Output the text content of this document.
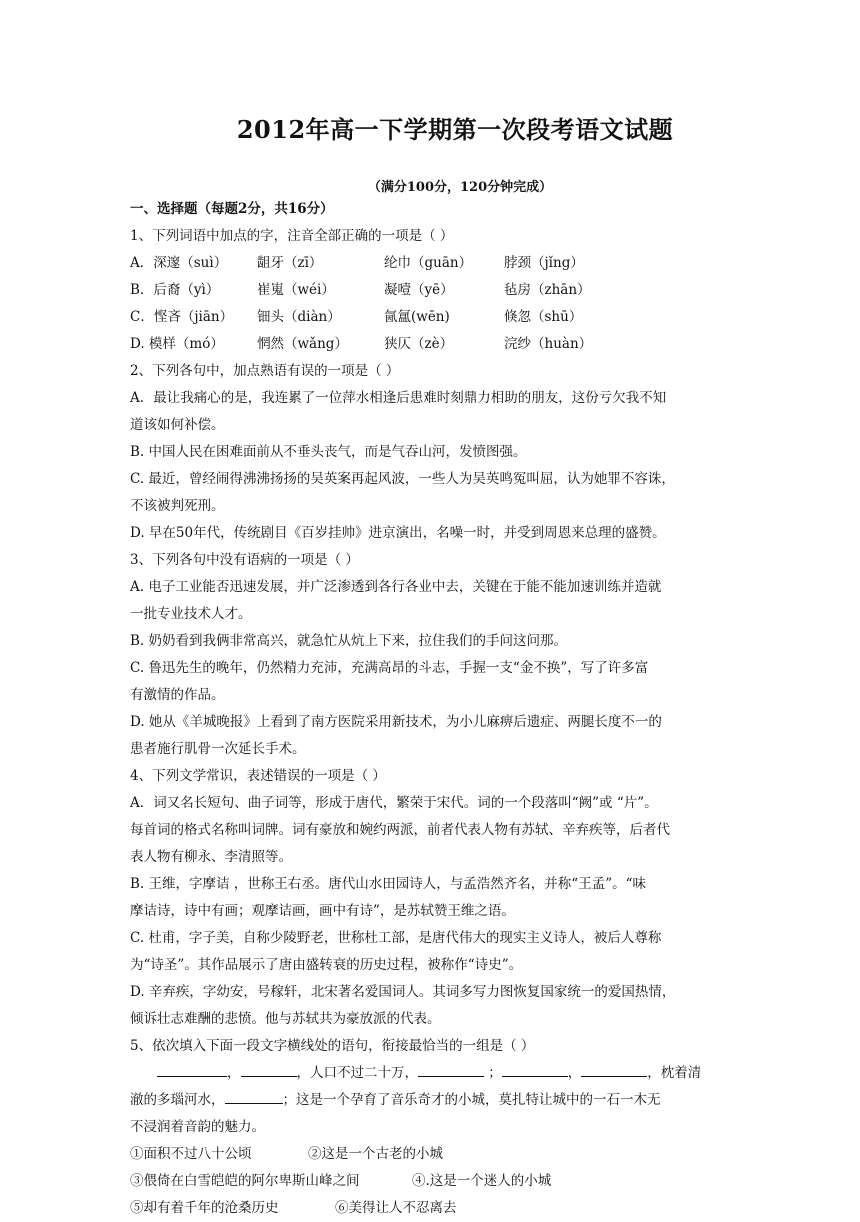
2012年高一下学期第一次段考语文试题
（满分100分，120分钟完成）
一、选择题（每题2分，共16分）
1、下列词语中加点的字，注音全部正确的一项是（ ）
A．深邃（suì）	龃牙（zī）	纶巾（guān）	脖颈（jǐng）
B．后裔（yì）	崔嵬（wéi）	凝噎（yē）	毡房（zhān）
C．悭吝（jiān）	钿头（diàn）	氤氲(wēn)	倏忽（shū）
D. 模样（mó）	惘然（wǎng）	狭仄（zè）	浣纱（huàn）
2、下列各句中，加点熟语有误的一项是（ ）
A．最让我痛心的是，我连累了一位萍水相逢后患难时刻鼎力相助的朋友，这份亏欠我不知
道该如何补偿。
B. 中国人民在困难面前从不垂头丧气，而是气吞山河，发愤图强。
C. 最近，曾经闹得沸沸扬扬的吴英案再起风波，一些人为吴英鸣冤叫屈，认为她罪不容诛，
不该被判死刑。
D. 早在50年代，传统剧目《百岁挂帅》进京演出，名噪一时，并受到周恩来总理的盛赞。
3、下列各句中没有语病的一项是（ ）
A. 电子工业能否迅速发展，并广泛渗透到各行各业中去，关键在于能不能加速训练并造就
一批专业技术人才。
B. 奶奶看到我俩非常高兴，就急忙从炕上下来，拉住我们的手问这问那。
C. 鲁迅先生的晚年，仍然精力充沛，充满高昂的斗志，手握一支“金不换”，写了许多富
有激情的作品。
D. 她从《羊城晚报》上看到了南方医院采用新技术，为小儿麻痹后遗症、两腿长度不一的
患者施行肌骨一次延长手术。
4、下列文学常识，表述错误的一项是（ ）
A．词又名长短句、曲子词等，形成于唐代，繁荣于宋代。词的一个段落叫“阙”或 “片”。
每首词的格式名称叫词牌。词有豪放和婉约两派，前者代表人物有苏轼、辛弃疾等，后者代
表人物有柳永、李清照等。
B. 王维，字摩诘 ，世称王右丞。唐代山水田园诗人，与孟浩然齐名，并称“王孟”。“味
摩诘诗，诗中有画；观摩诘画，画中有诗”，是苏轼赞王维之语。
C. 杜甫，字子美，自称少陵野老，世称杜工部，是唐代伟大的现实主义诗人，被后人尊称
为“诗圣”。其作品展示了唐由盛转衰的历史过程，被称作“诗史”。
D. 辛弃疾，字幼安，号稼轩，北宋著名爱国词人。其词多写力图恢复国家统一的爱国热情，
倾诉壮志难酬的悲愤。他与苏轼共为豪放派的代表。
5、依次填入下面一段文字横线处的语句，衔接最恰当的一组是（ ）
，	，人口不过二十万，	；	，	，枕着清
澈的多瑙河水，	；这是一个孕育了音乐奇才的小城，莫扎特让城中的一石一木无
不浸润着音韵的魅力。
①面积不过八十公顷	②这是一个古老的小城
③偎倚在白雪皑皑的阿尔卑斯山峰之间	④.这是一个迷人的小城
⑤却有着千年的沧桑历史	⑥美得让人不忍离去
